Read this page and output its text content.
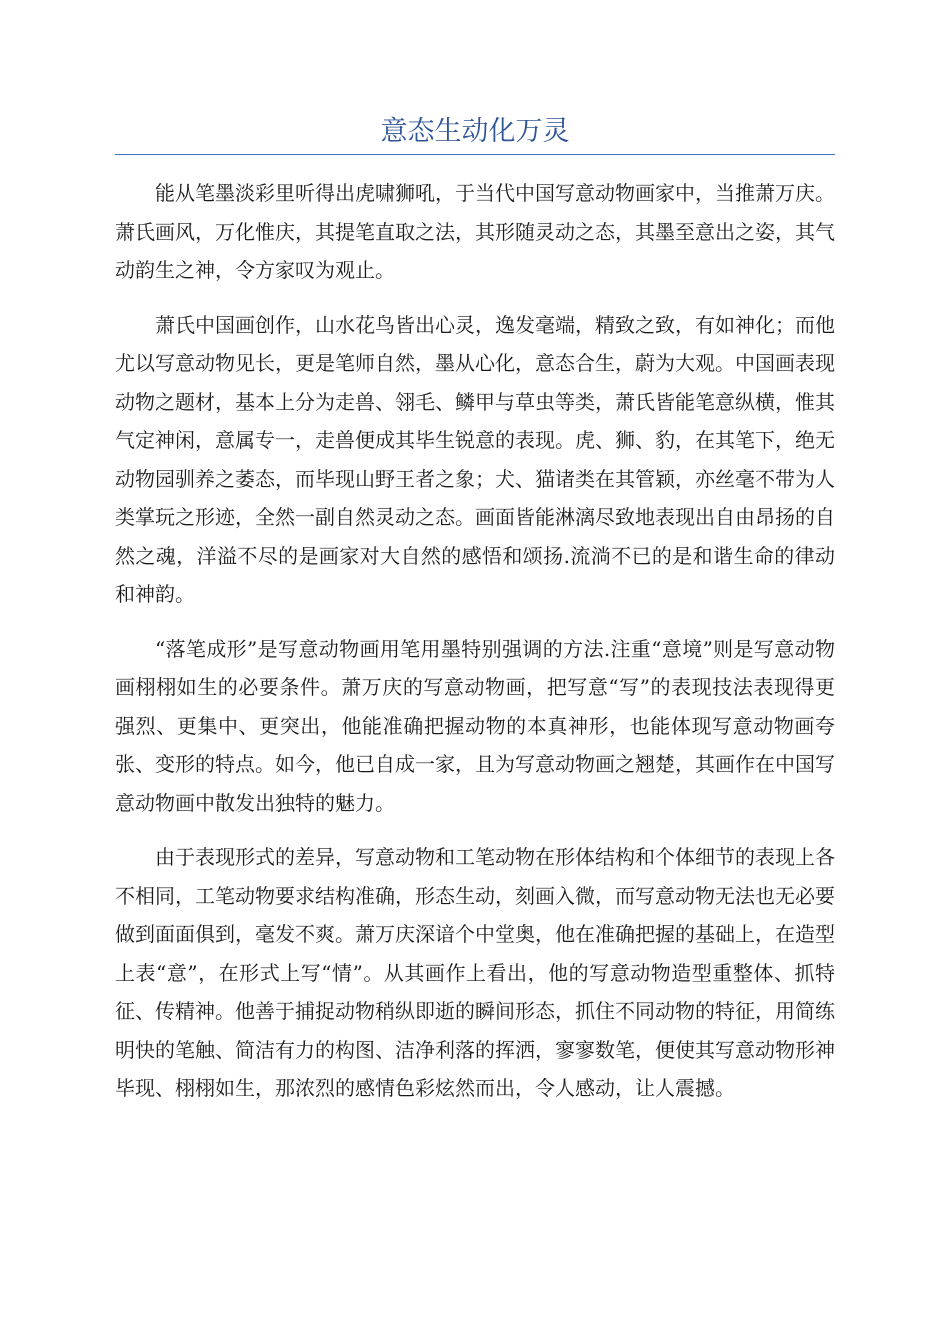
意态生动化万灵

能从笔墨淡彩里听得出虎啸狮吼，于当代中国写意动物画家中，当推萧万庆。萧氏画风，万化惟庆，其提笔直取之法，其形随灵动之态，其墨至意出之姿，其气动韵生之神，令方家叹为观止。

萧氏中国画创作，山水花鸟皆出心灵，逸发毫端，精致之致，有如神化；而他尤以写意动物见长，更是笔师自然，墨从心化，意态合生，蔚为大观。中国画表现动物之题材，基本上分为走兽、翎毛、鳞甲与草虫等类，萧氏皆能笔意纵横，惟其气定神闲，意属专一，走兽便成其毕生锐意的表现。虎、狮、豹，在其笔下，绝无动物园驯养之萎态，而毕现山野王者之象；犬、猫诸类在其管颖，亦丝毫不带为人类掌玩之形迹，全然一副自然灵动之态。画面皆能淋漓尽致地表现出自由昂扬的自然之魂，洋溢不尽的是画家对大自然的感悟和颂扬.流淌不已的是和谐生命的律动和神韵。

“落笔成形”是写意动物画用笔用墨特别强调的方法.注重“意境”则是写意动物画栩栩如生的必要条件。萧万庆的写意动物画，把写意“写”的表现技法表现得更强烈、更集中、更突出，他能准确把握动物的本真神形，也能体现写意动物画夸张、变形的特点。如今，他已自成一家，且为写意动物画之翘楚，其画作在中国写意动物画中散发出独特的魅力。

由于表现形式的差异，写意动物和工笔动物在形体结构和个体细节的表现上各不相同，工笔动物要求结构准确，形态生动，刻画入微，而写意动物无法也无必要做到面面俱到，毫发不爽。萧万庆深谙个中堂奥，他在准确把握的基础上，在造型上表“意”，在形式上写“情”。从其画作上看出，他的写意动物造型重整体、抓特征、传精神。他善于捕捉动物稍纵即逝的瞬间形态，抓住不同动物的特征，用简练明快的笔触、简洁有力的构图、洁净利落的挥洒，寥寥数笔，便使其写意动物形神毕现、栩栩如生，那浓烈的感情色彩炫然而出，令人感动，让人震撼。
